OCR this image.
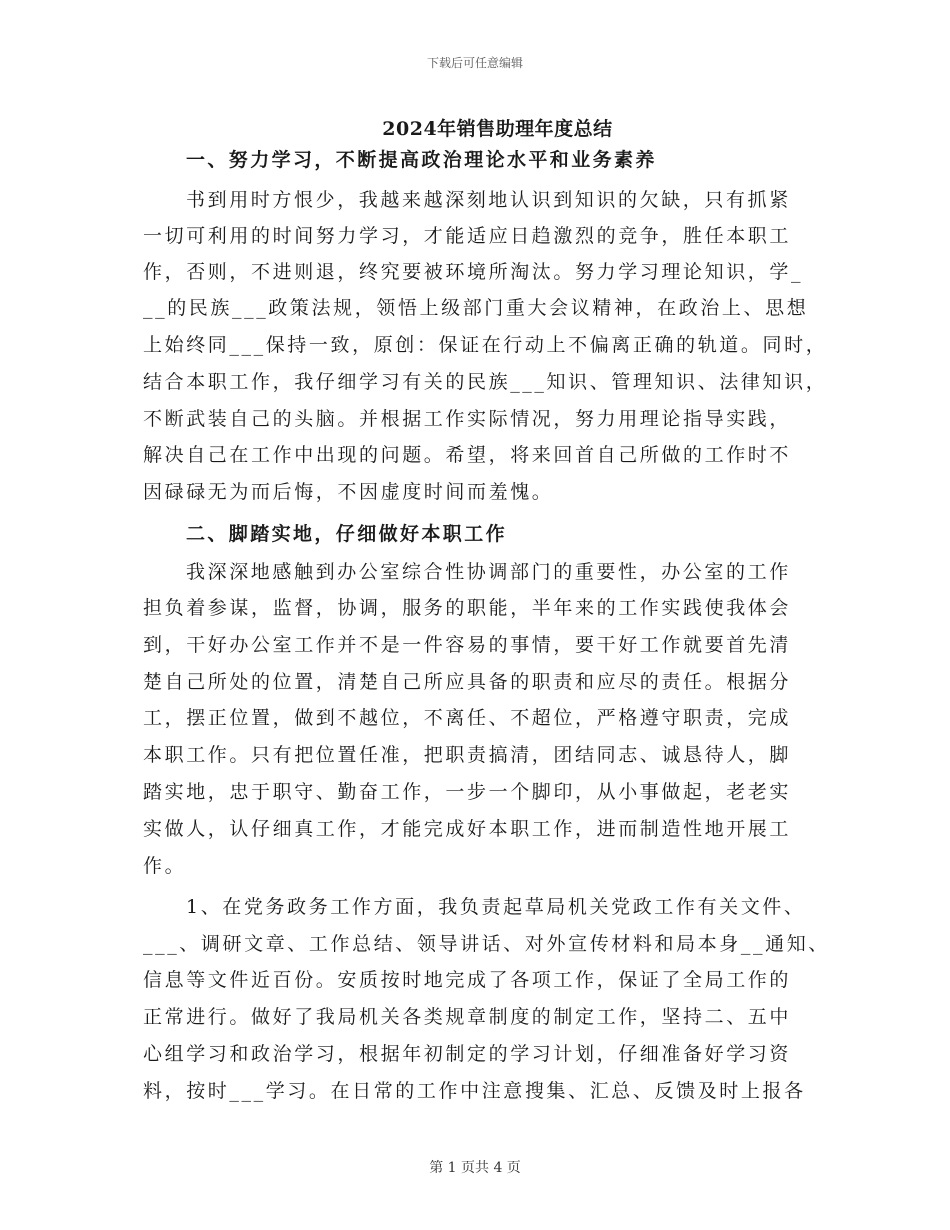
下载后可任意编辑
2024年销售助理年度总结
一、努力学习，不断提高政治理论水平和业务素养
书到用时方恨少，我越来越深刻地认识到知识的欠缺，只有抓紧
一切可利用的时间努力学习，才能适应日趋激烈的竞争，胜任本职工
作，否则，不进则退，终究要被环境所淘汰。努力学习理论知识，学_
__的民族___政策法规，领悟上级部门重大会议精神，在政治上、思想
上始终同___保持一致，原创：保证在行动上不偏离正确的轨道。同时，
结合本职工作，我仔细学习有关的民族___知识、管理知识、法律知识，
不断武装自己的头脑。并根据工作实际情况，努力用理论指导实践，
解决自己在工作中出现的问题。希望，将来回首自己所做的工作时不
因碌碌无为而后悔，不因虚度时间而羞愧。
二、脚踏实地，仔细做好本职工作
我深深地感触到办公室综合性协调部门的重要性，办公室的工作
担负着参谋，监督，协调，服务的职能，半年来的工作实践使我体会
到，干好办公室工作并不是一件容易的事情，要干好工作就要首先清
楚自己所处的位置，清楚自己所应具备的职责和应尽的责任。根据分
工，摆正位置，做到不越位，不离任、不超位，严格遵守职责，完成
本职工作。只有把位置任准，把职责搞清，团结同志、诚恳待人，脚
踏实地，忠于职守、勤奋工作，一步一个脚印，从小事做起，老老实
实做人，认仔细真工作，才能完成好本职工作，进而制造性地开展工
作。
1、在党务政务工作方面，我负责起草局机关党政工作有关文件、
___、调研文章、工作总结、领导讲话、对外宣传材料和局本身__通知、
信息等文件近百份。安质按时地完成了各项工作，保证了全局工作的
正常进行。做好了我局机关各类规章制度的制定工作，坚持二、五中
心组学习和政治学习，根据年初制定的学习计划，仔细准备好学习资
料，按时___学习。在日常的工作中注意搜集、汇总、反馈及时上报各
第 1 页共 4 页
